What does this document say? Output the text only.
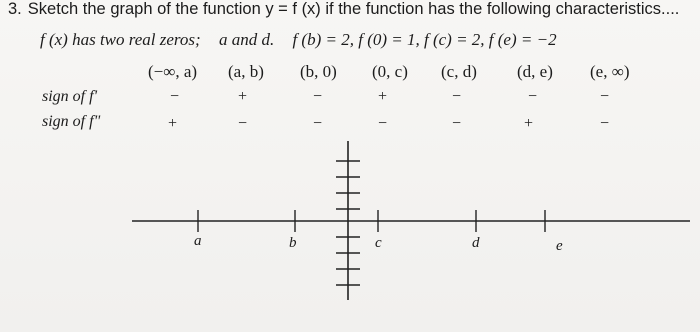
3. Sketch the graph of the function y = f (x) if the function has the following characteristics....
f (x) has two real zeros; a and d. f (b) = 2, f (0) = 1, f (c) = 2, f (e) = −2
(−∞, a) (a, b) (b, 0) (0, c) (c, d) (d, e) (e, ∞)
sign of f'	−	+	−	+	−	−	−
sign of f"	+	−	−	−	−	+	−
a	b	c	d	e
